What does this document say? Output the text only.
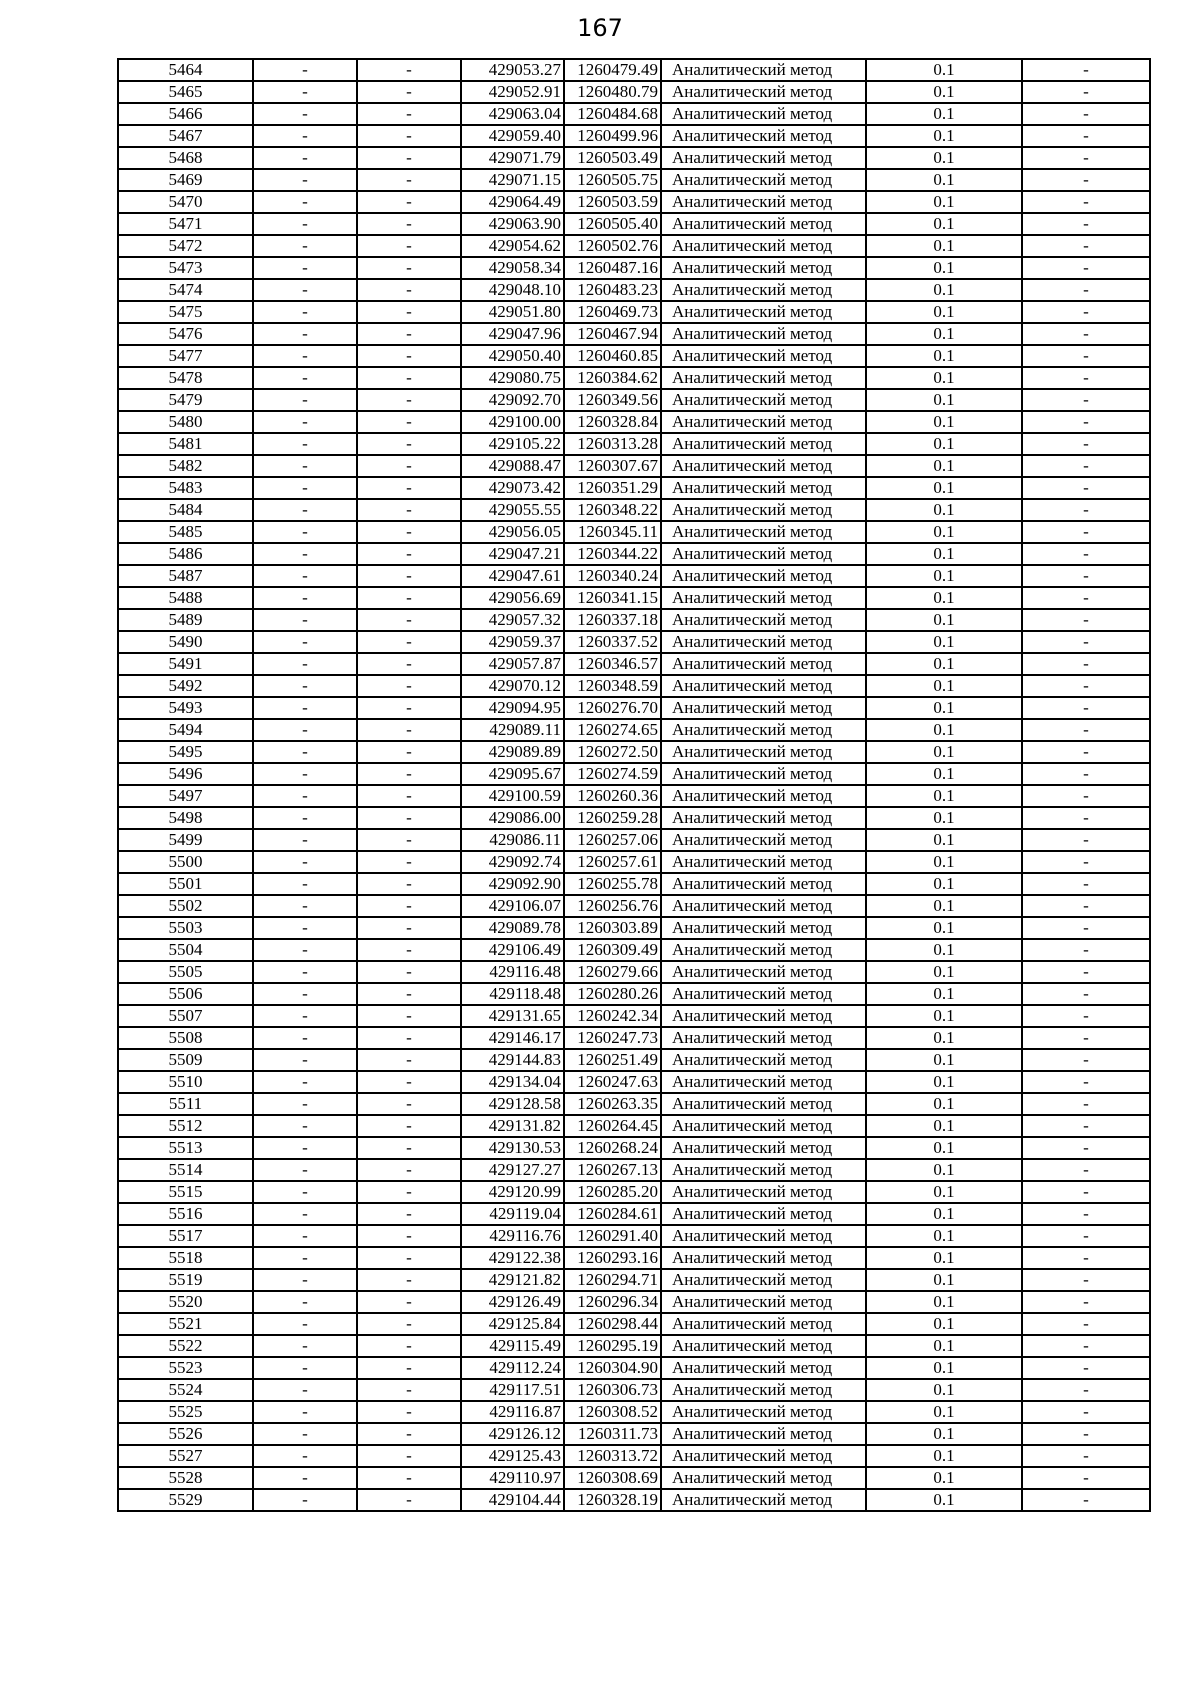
167
5464	-	-	429053.27	1260479.49	Аналитический метод	0.1	-
5465	-	-	429052.91	1260480.79	Аналитический метод	0.1	-
5466	-	-	429063.04	1260484.68	Аналитический метод	0.1	-
5467	-	-	429059.40	1260499.96	Аналитический метод	0.1	-
5468	-	-	429071.79	1260503.49	Аналитический метод	0.1	-
5469	-	-	429071.15	1260505.75	Аналитический метод	0.1	-
5470	-	-	429064.49	1260503.59	Аналитический метод	0.1	-
5471	-	-	429063.90	1260505.40	Аналитический метод	0.1	-
5472	-	-	429054.62	1260502.76	Аналитический метод	0.1	-
5473	-	-	429058.34	1260487.16	Аналитический метод	0.1	-
5474	-	-	429048.10	1260483.23	Аналитический метод	0.1	-
5475	-	-	429051.80	1260469.73	Аналитический метод	0.1	-
5476	-	-	429047.96	1260467.94	Аналитический метод	0.1	-
5477	-	-	429050.40	1260460.85	Аналитический метод	0.1	-
5478	-	-	429080.75	1260384.62	Аналитический метод	0.1	-
5479	-	-	429092.70	1260349.56	Аналитический метод	0.1	-
5480	-	-	429100.00	1260328.84	Аналитический метод	0.1	-
5481	-	-	429105.22	1260313.28	Аналитический метод	0.1	-
5482	-	-	429088.47	1260307.67	Аналитический метод	0.1	-
5483	-	-	429073.42	1260351.29	Аналитический метод	0.1	-
5484	-	-	429055.55	1260348.22	Аналитический метод	0.1	-
5485	-	-	429056.05	1260345.11	Аналитический метод	0.1	-
5486	-	-	429047.21	1260344.22	Аналитический метод	0.1	-
5487	-	-	429047.61	1260340.24	Аналитический метод	0.1	-
5488	-	-	429056.69	1260341.15	Аналитический метод	0.1	-
5489	-	-	429057.32	1260337.18	Аналитический метод	0.1	-
5490	-	-	429059.37	1260337.52	Аналитический метод	0.1	-
5491	-	-	429057.87	1260346.57	Аналитический метод	0.1	-
5492	-	-	429070.12	1260348.59	Аналитический метод	0.1	-
5493	-	-	429094.95	1260276.70	Аналитический метод	0.1	-
5494	-	-	429089.11	1260274.65	Аналитический метод	0.1	-
5495	-	-	429089.89	1260272.50	Аналитический метод	0.1	-
5496	-	-	429095.67	1260274.59	Аналитический метод	0.1	-
5497	-	-	429100.59	1260260.36	Аналитический метод	0.1	-
5498	-	-	429086.00	1260259.28	Аналитический метод	0.1	-
5499	-	-	429086.11	1260257.06	Аналитический метод	0.1	-
5500	-	-	429092.74	1260257.61	Аналитический метод	0.1	-
5501	-	-	429092.90	1260255.78	Аналитический метод	0.1	-
5502	-	-	429106.07	1260256.76	Аналитический метод	0.1	-
5503	-	-	429089.78	1260303.89	Аналитический метод	0.1	-
5504	-	-	429106.49	1260309.49	Аналитический метод	0.1	-
5505	-	-	429116.48	1260279.66	Аналитический метод	0.1	-
5506	-	-	429118.48	1260280.26	Аналитический метод	0.1	-
5507	-	-	429131.65	1260242.34	Аналитический метод	0.1	-
5508	-	-	429146.17	1260247.73	Аналитический метод	0.1	-
5509	-	-	429144.83	1260251.49	Аналитический метод	0.1	-
5510	-	-	429134.04	1260247.63	Аналитический метод	0.1	-
5511	-	-	429128.58	1260263.35	Аналитический метод	0.1	-
5512	-	-	429131.82	1260264.45	Аналитический метод	0.1	-
5513	-	-	429130.53	1260268.24	Аналитический метод	0.1	-
5514	-	-	429127.27	1260267.13	Аналитический метод	0.1	-
5515	-	-	429120.99	1260285.20	Аналитический метод	0.1	-
5516	-	-	429119.04	1260284.61	Аналитический метод	0.1	-
5517	-	-	429116.76	1260291.40	Аналитический метод	0.1	-
5518	-	-	429122.38	1260293.16	Аналитический метод	0.1	-
5519	-	-	429121.82	1260294.71	Аналитический метод	0.1	-
5520	-	-	429126.49	1260296.34	Аналитический метод	0.1	-
5521	-	-	429125.84	1260298.44	Аналитический метод	0.1	-
5522	-	-	429115.49	1260295.19	Аналитический метод	0.1	-
5523	-	-	429112.24	1260304.90	Аналитический метод	0.1	-
5524	-	-	429117.51	1260306.73	Аналитический метод	0.1	-
5525	-	-	429116.87	1260308.52	Аналитический метод	0.1	-
5526	-	-	429126.12	1260311.73	Аналитический метод	0.1	-
5527	-	-	429125.43	1260313.72	Аналитический метод	0.1	-
5528	-	-	429110.97	1260308.69	Аналитический метод	0.1	-
5529	-	-	429104.44	1260328.19	Аналитический метод	0.1	-
